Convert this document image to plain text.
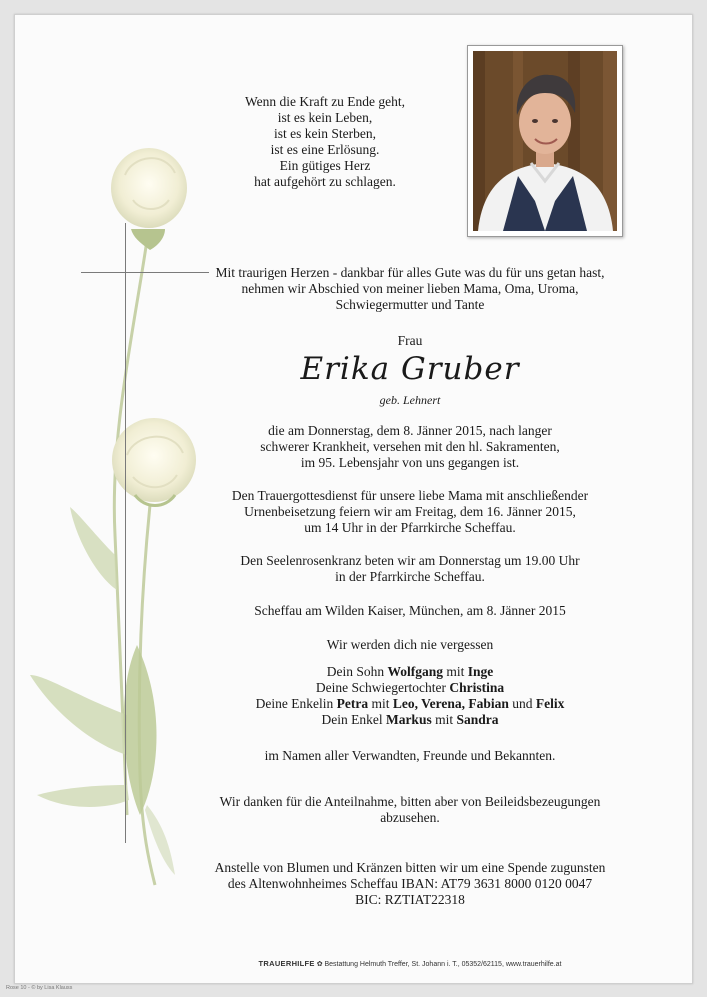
Wenn die Kraft zu Ende geht,

ist es kein Leben,

ist es kein Sterben,

ist es eine Erlösung.

Ein gütiges Herz

hat aufgehört zu schlagen.

Mit traurigen Herzen - dankbar für alles Gute was du für uns getan hast,

nehmen wir Abschied von meiner lieben Mama, Oma, Uroma,

Schwiegermutter und Tante

Frau
Erika Gruber
geb. Lehnert

die am Donnerstag, dem 8. Jänner 2015, nach langer

schwerer Krankheit, versehen mit den hl. Sakramenten,

im 95. Lebensjahr von uns gegangen ist.

Den Trauergottesdienst für unsere liebe Mama mit anschließender

Urnenbeisetzung feiern wir am Freitag, dem 16. Jänner 2015,

um 14 Uhr in der Pfarrkirche Scheffau.

Den Seelenrosenkranz beten wir am Donnerstag um 19.00 Uhr

in der Pfarrkirche Scheffau.

Scheffau am Wilden Kaiser, München, am 8. Jänner 2015
Wir werden dich nie vergessen

Dein Sohn Wolfgang mit Inge

Deine Schwiegertochter Christina

Deine Enkelin Petra mit Leo, Verena, Fabian und Felix

Dein Enkel Markus mit Sandra

im Namen aller Verwandten, Freunde und Bekannten.

Wir danken für die Anteilnahme, bitten aber von Beileidsbezeugungen

abzusehen.

Anstelle von Blumen und Kränzen bitten wir um eine Spende zugunsten

des Altenwohnheimes Scheffau IBAN: AT79 3631 8000 0120 0047

BIC: RZTIAT22318

TRAUERHILFE ✿ Bestattung Helmuth Treffer, St. Johann i. T., 05352/62115, www.trauerhilfe.at
Rose 10 - © by Lisa Klauss
